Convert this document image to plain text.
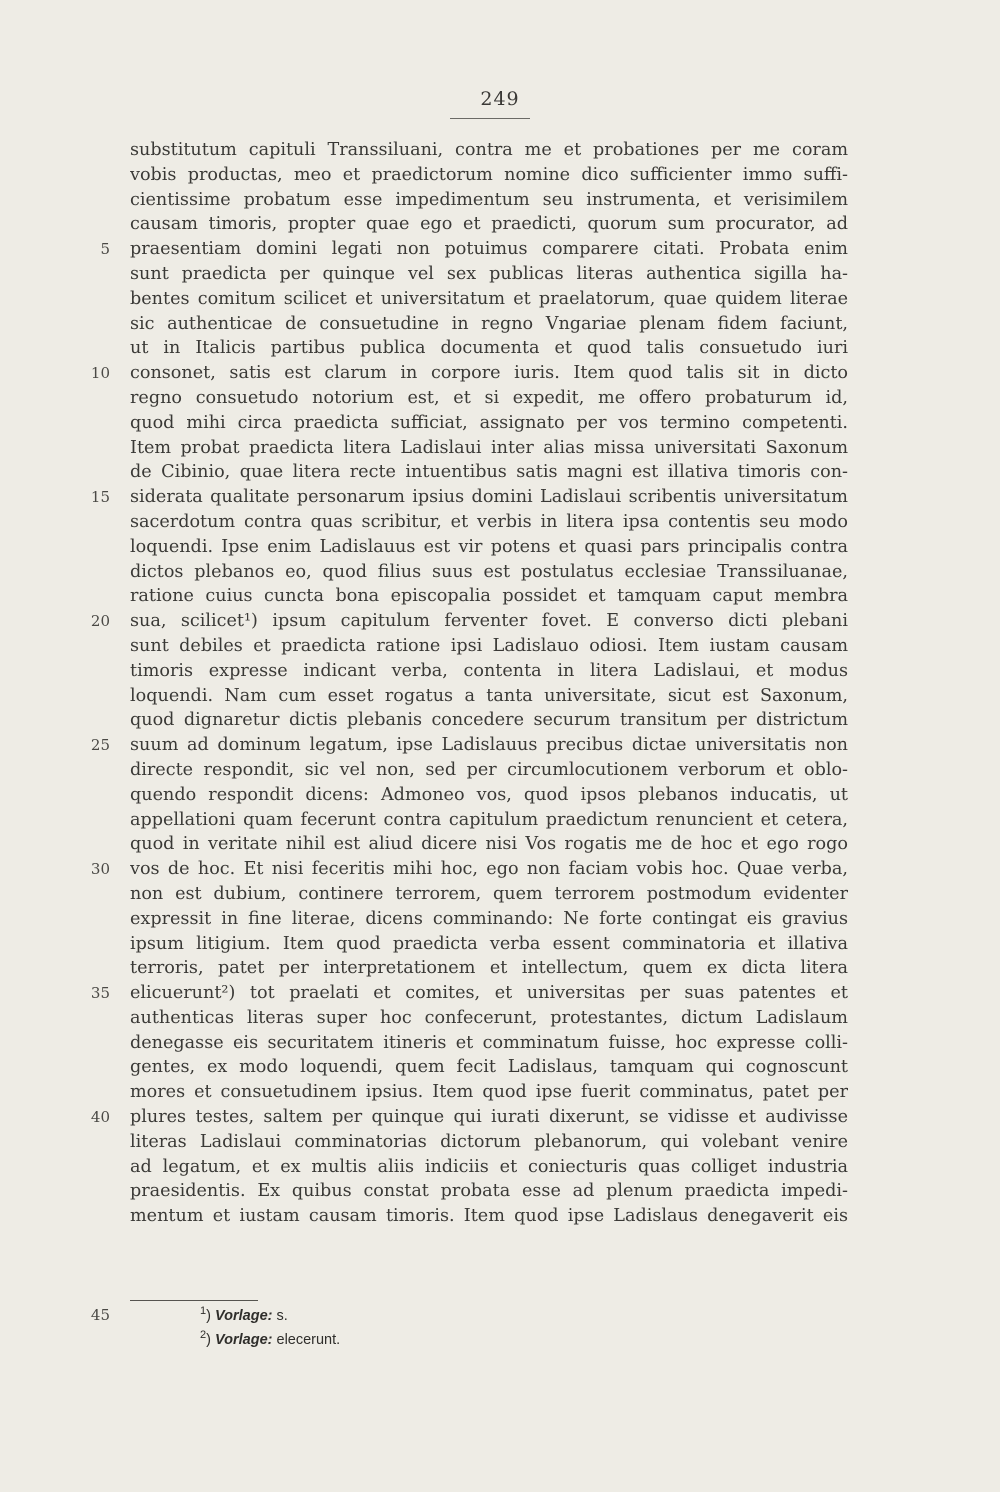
249
substitutum capituli Transsiluani, contra me et probationes per me coram
vobis productas, meo et praedictorum nomine dico sufficienter immo suffi-
cientissime probatum esse impedimentum seu instrumenta, et verisimilem
causam timoris, propter quae ego et praedicti, quorum sum procurator, ad
5 praesentiam domini legati non potuimus comparere citati. Probata enim
sunt praedicta per quinque vel sex publicas literas authentica sigilla ha-
bentes comitum scilicet et universitatum et praelatorum, quae quidem literae
sic authenticae de consuetudine in regno Vngariae plenam fidem faciunt,
ut in Italicis partibus publica documenta et quod talis consuetudo iuri
10 consonet, satis est clarum in corpore iuris. Item quod talis sit in dicto
regno consuetudo notorium est, et si expedit, me offero probaturum id,
quod mihi circa praedicta sufficiat, assignato per vos termino competenti.
Item probat praedicta litera Ladislaui inter alias missa universitati Saxonum
de Cibinio, quae litera recte intuentibus satis magni est illativa timoris con-
15 siderata qualitate personarum ipsius domini Ladislaui scribentis universitatum
sacerdotum contra quas scribitur, et verbis in litera ipsa contentis seu modo
loquendi. Ipse enim Ladislauus est vir potens et quasi pars principalis contra
dictos plebanos eo, quod filius suus est postulatus ecclesiae Transsiluanae,
ratione cuius cuncta bona episcopalia possidet et tamquam caput membra
20 sua, scilicet¹) ipsum capitulum ferventer fovet. E converso dicti plebani
sunt debiles et praedicta ratione ipsi Ladislauo odiosi. Item iustam causam
timoris expresse indicant verba, contenta in litera Ladislaui, et modus
loquendi. Nam cum esset rogatus a tanta universitate, sicut est Saxonum,
quod dignaretur dictis plebanis concedere securum transitum per districtum
25 suum ad dominum legatum, ipse Ladislauus precibus dictae universitatis non
directe respondit, sic vel non, sed per circumlocutionem verborum et oblo-
quendo respondit dicens: Admoneo vos, quod ipsos plebanos inducatis, ut
appellationi quam fecerunt contra capitulum praedictum renuncient et cetera,
quod in veritate nihil est aliud dicere nisi Vos rogatis me de hoc et ego rogo
30 vos de hoc. Et nisi feceritis mihi hoc, ego non faciam vobis hoc. Quae verba,
non est dubium, continere terrorem, quem terrorem postmodum evidenter
expressit in fine literae, dicens comminando: Ne forte contingat eis gravius
ipsum litigium. Item quod praedicta verba essent comminatoria et illativa
terroris, patet per interpretationem et intellectum, quem ex dicta litera
35 elicuerunt²) tot praelati et comites, et universitas per suas patentes et
authenticas literas super hoc confecerunt, protestantes, dictum Ladislaum
denegasse eis securitatem itineris et comminatum fuisse, hoc expresse colli-
gentes, ex modo loquendi, quem fecit Ladislaus, tamquam qui cognoscunt
mores et consuetudinem ipsius. Item quod ipse fuerit comminatus, patet per
40 plures testes, saltem per quinque qui iurati dixerunt, se vidisse et audivisse
literas Ladislaui comminatorias dictorum plebanorum, qui volebant venire
ad legatum, et ex multis aliis indiciis et coniecturis quas colliget industria
praesidentis. Ex quibus constat probata esse ad plenum praedicta impedi-
mentum et iustam causam timoris. Item quod ipse Ladislaus denegaverit eis
45	$^1$) Vorlage: s.
$^2$) Vorlage: elecerunt.
